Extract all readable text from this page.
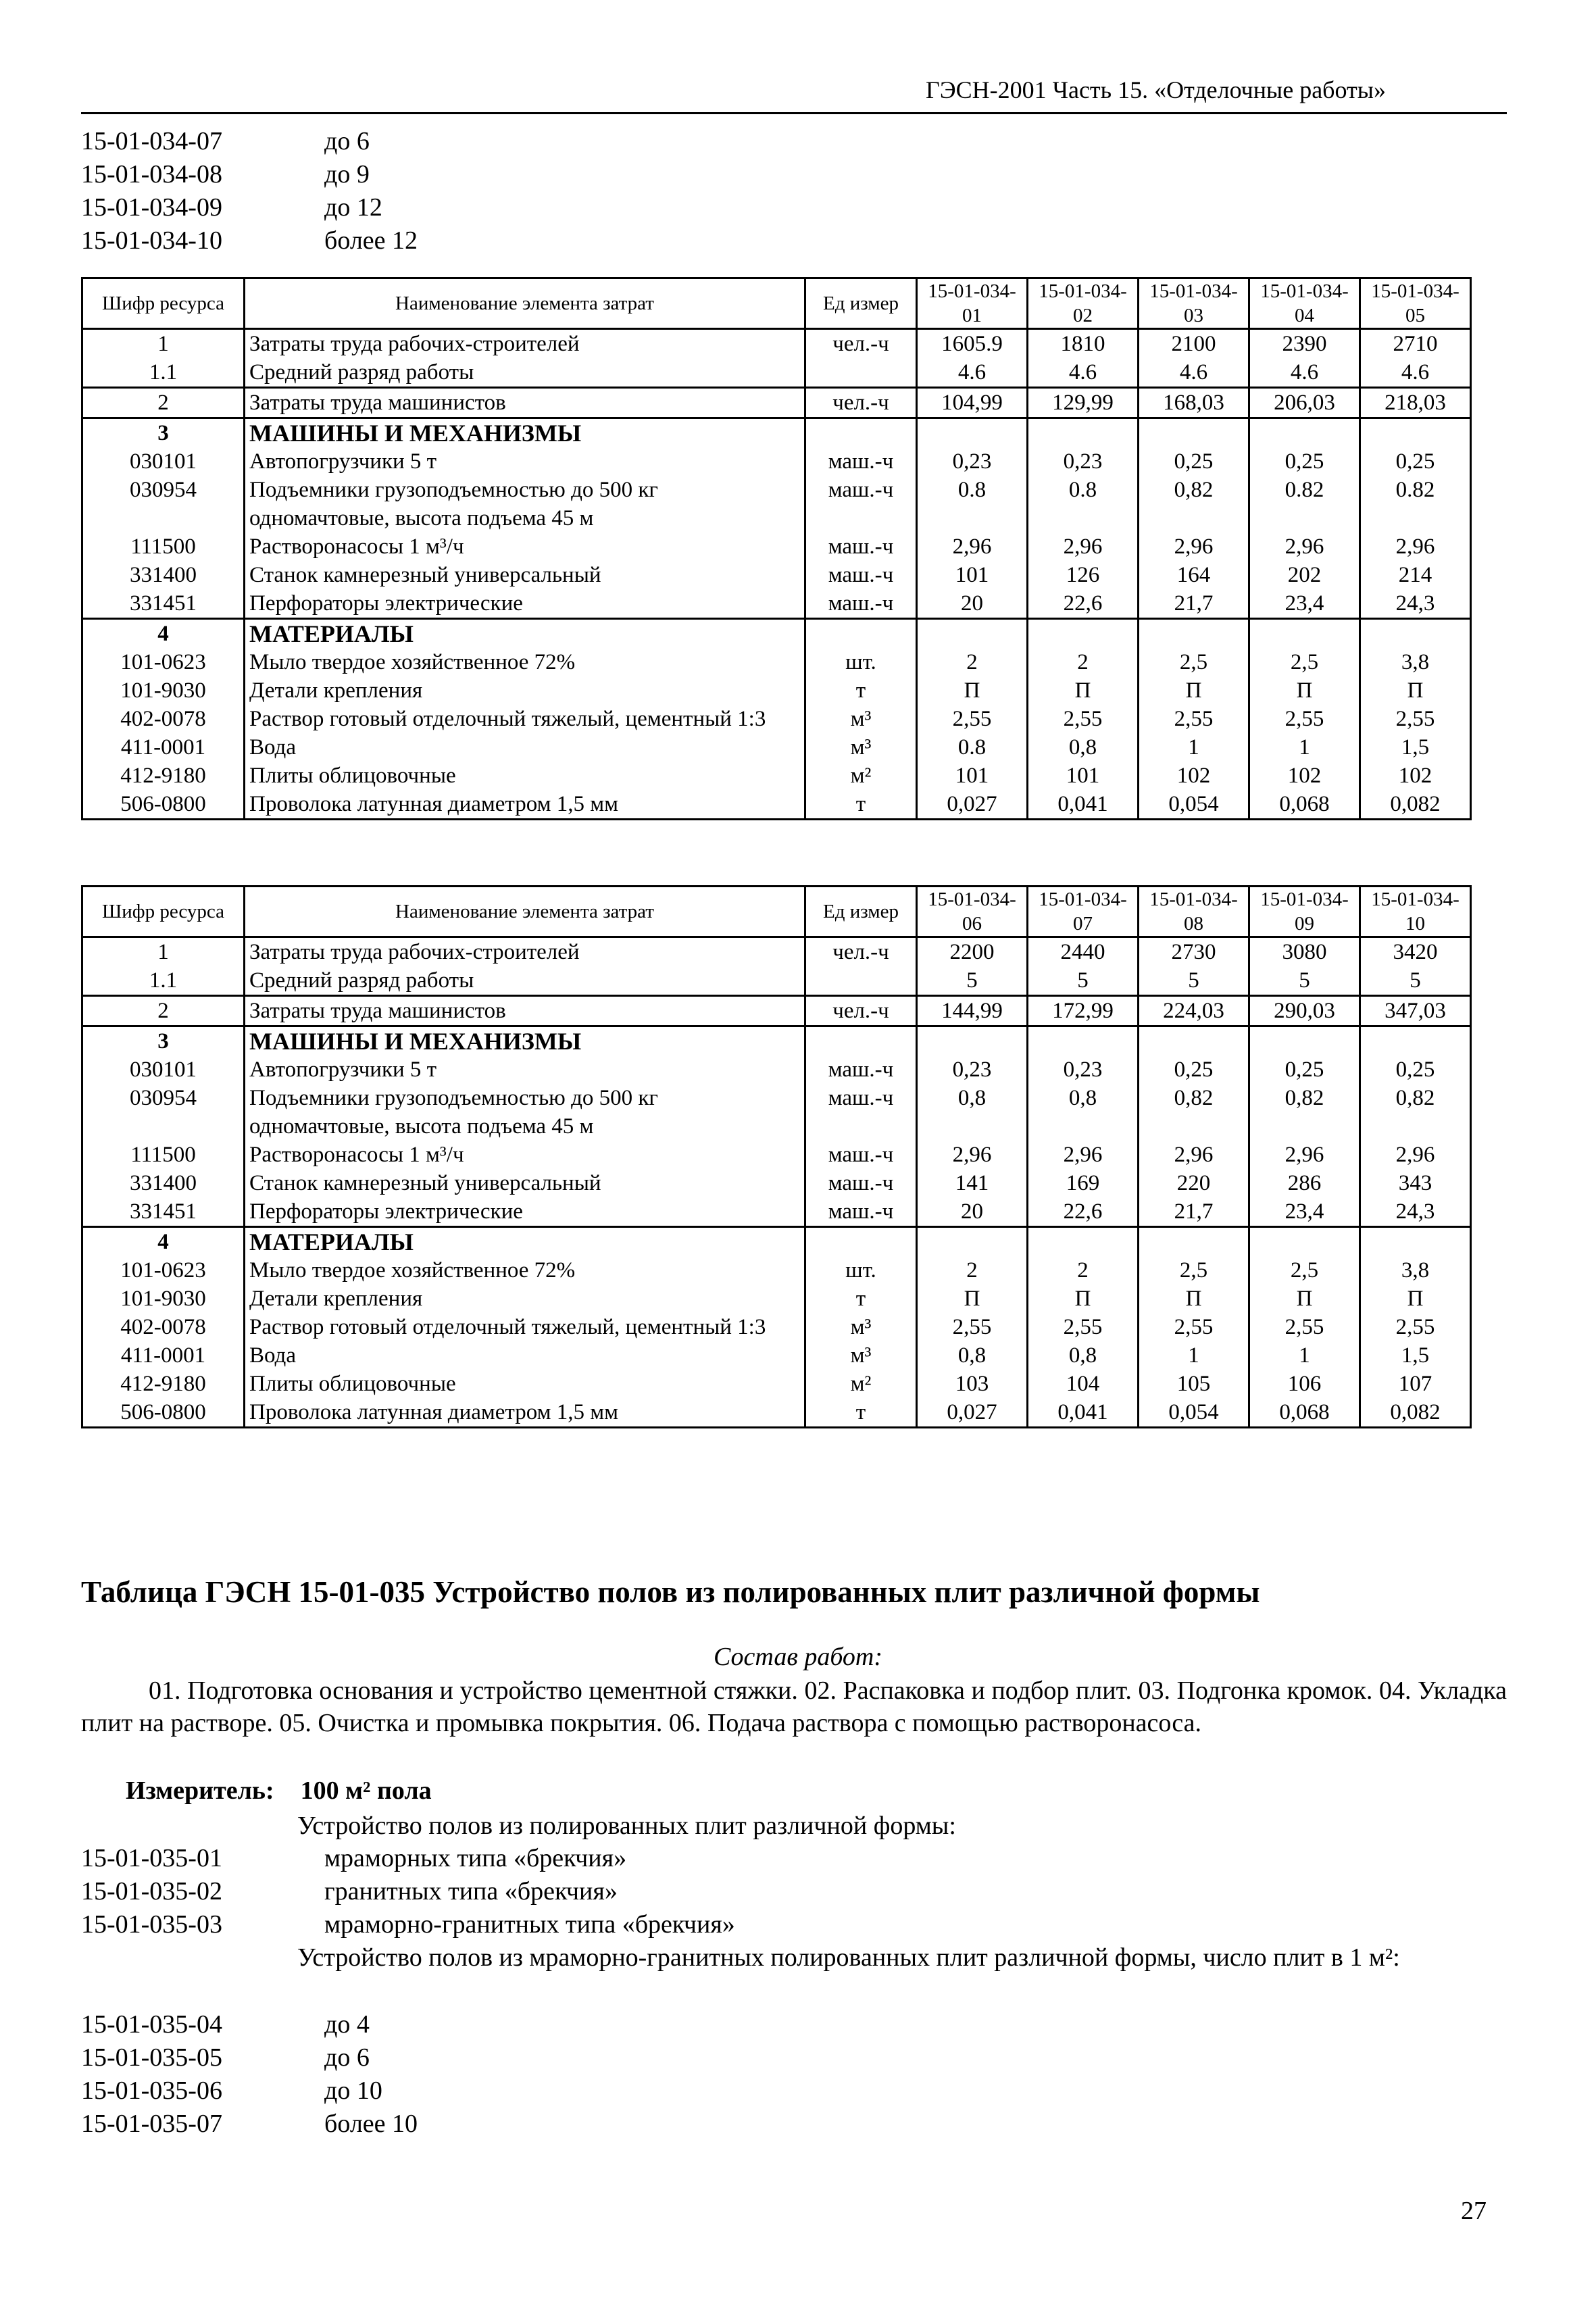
ГЭСН-2001 Часть 15. «Отделочные работы»
15-01-034-07	до 6
15-01-034-08	до 9
15-01-034-09	до 12
15-01-034-10	более 12
Шифр ресурса	Наименование элемента затрат	Ед измер	15-01-034-01	15-01-034-02	15-01-034-03	15-01-034-04	15-01-034-05
1	Затраты труда рабочих-строителей	чел.-ч	1605.9	1810	2100	2390	2710
1.1	Средний разряд работы		4.6	4.6	4.6	4.6	4.6
2	Затраты труда машинистов	чел.-ч	104,99	129,99	168,03	206,03	218,03
3	МАШИНЫ И МЕХАНИЗМЫ						
030101	Автопогрузчики 5 т	маш.-ч	0,23	0,23	0,25	0,25	0,25
030954	Подъемники грузоподъемностью до 500 кг одномачтовые, высота подъема 45 м	маш.-ч	0.8	0.8	0,82	0.82	0.82
111500	Растворонасосы 1 м³/ч	маш.-ч	2,96	2,96	2,96	2,96	2,96
331400	Станок камнерезный универсальный	маш.-ч	101	126	164	202	214
331451	Перфораторы электрические	маш.-ч	20	22,6	21,7	23,4	24,3
4	МАТЕРИАЛЫ						
101-0623	Мыло твердое хозяйственное 72%	шт.	2	2	2,5	2,5	3,8
101-9030	Детали крепления	т	П	П	П	П	П
402-0078	Раствор готовый отделочный тяжелый, цементный 1:3	м³	2,55	2,55	2,55	2,55	2,55
411-0001	Вода	м³	0.8	0,8	1	1	1,5
412-9180	Плиты облицовочные	м²	101	101	102	102	102
506-0800	Проволока латунная диаметром 1,5 мм	т	0,027	0,041	0,054	0,068	0,082
Шифр ресурса	Наименование элемента затрат	Ед измер	15-01-034-06	15-01-034-07	15-01-034-08	15-01-034-09	15-01-034-10
1	Затраты труда рабочих-строителей	чел.-ч	2200	2440	2730	3080	3420
1.1	Средний разряд работы		5	5	5	5	5
2	Затраты труда машинистов	чел.-ч	144,99	172,99	224,03	290,03	347,03
3	МАШИНЫ И МЕХАНИЗМЫ						
030101	Автопогрузчики 5 т	маш.-ч	0,23	0,23	0,25	0,25	0,25
030954	Подъемники грузоподъемностью до 500 кг одномачтовые, высота подъема 45 м	маш.-ч	0,8	0,8	0,82	0,82	0,82
111500	Растворонасосы 1 м³/ч	маш.-ч	2,96	2,96	2,96	2,96	2,96
331400	Станок камнерезный универсальный	маш.-ч	141	169	220	286	343
331451	Перфораторы электрические	маш.-ч	20	22,6	21,7	23,4	24,3
4	МАТЕРИАЛЫ						
101-0623	Мыло твердое хозяйственное 72%	шт.	2	2	2,5	2,5	3,8
101-9030	Детали крепления	т	П	П	П	П	П
402-0078	Раствор готовый отделочный тяжелый, цементный 1:3	м³	2,55	2,55	2,55	2,55	2,55
411-0001	Вода	м³	0,8	0,8	1	1	1,5
412-9180	Плиты облицовочные	м²	103	104	105	106	107
506-0800	Проволока латунная диаметром 1,5 мм	т	0,027	0,041	0,054	0,068	0,082
Таблица ГЭСН 15-01-035 Устройство полов из полированных плит различной формы
Состав работ:
01. Подготовка основания и устройство цементной стяжки. 02. Распаковка и подбор плит. 03. Подгонка кромок. 04. Укладка плит на растворе. 05. Очистка и промывка покрытия. 06. Подача раствора с помощью растворонасоса.
Измеритель: 100 м² пола
Устройство полов из полированных плит различной формы:
15-01-035-01	мраморных типа «брекчия»
15-01-035-02	гранитных типа «брекчия»
15-01-035-03	мраморно-гранитных типа «брекчия»
Устройство полов из мраморно-гранитных полированных плит различной формы, число плит в 1 м²:
15-01-035-04	до 4
15-01-035-05	до 6
15-01-035-06	до 10
15-01-035-07	более 10
27
